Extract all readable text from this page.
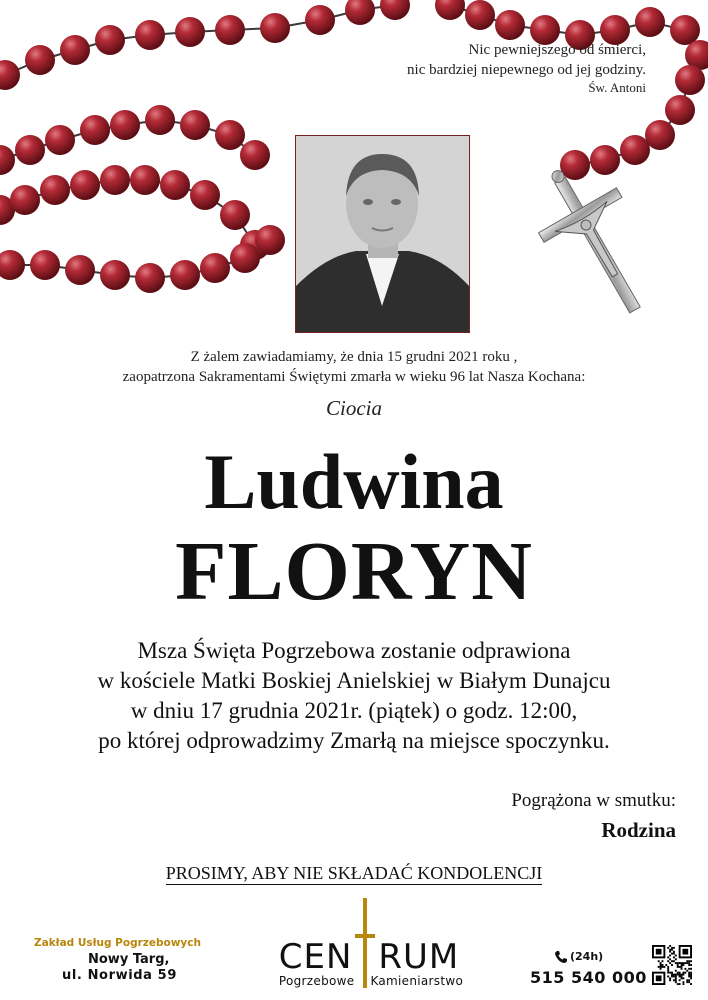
Nic pewniejszego od śmierci,
nic bardziej niepewnego od jej godziny.
Św. Antoni
Z żalem zawiadamiamy, że dnia 15 grudni 2021 roku ,
zaopatrzona Sakramentami Świętymi zmarła w wieku 96 lat Nasza Kochana:
Ciocia
Ludwina
FLORYN
Msza Święta Pogrzebowa zostanie odprawiona
w kościele Matki Boskiej Anielskiej w Białym Dunajcu
w dniu 17 grudnia 2021r. (piątek) o godz. 12:00,
po której odprowadzimy Zmarłą na miejsce spoczynku.
Pogrążona w smutku:
Rodzina
PROSIMY, ABY NIE SKŁADAĆ KONDOLENCJI
Zakład Usług Pogrzebowych
Nowy Targ,
ul. Norwida 59	CEN RUM
Pogrzebowe Kamieniarstwo
(24h)
515 540 000
